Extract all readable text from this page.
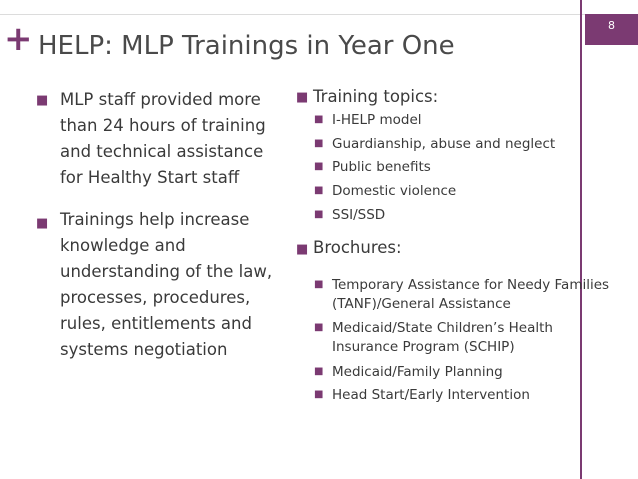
+ HELP: MLP Trainings in Year One
8
■ MLP staff provided more than 24 hours of training and technical assistance for Healthy Start staff
■ Trainings help increase knowledge and understanding of the law, processes, procedures, rules, entitlements and systems negotiation
■ Training topics:
■ I-HELP model
■ Guardianship, abuse and neglect
■ Public benefits
■ Domestic violence
■ SSI/SSD
■ Brochures:
■ Temporary Assistance for Needy Families
(TANF)/General Assistance
■ Medicaid/State Children’s Health
Insurance Program (SCHIP)
■ Medicaid/Family Planning
■ Head Start/Early Intervention
